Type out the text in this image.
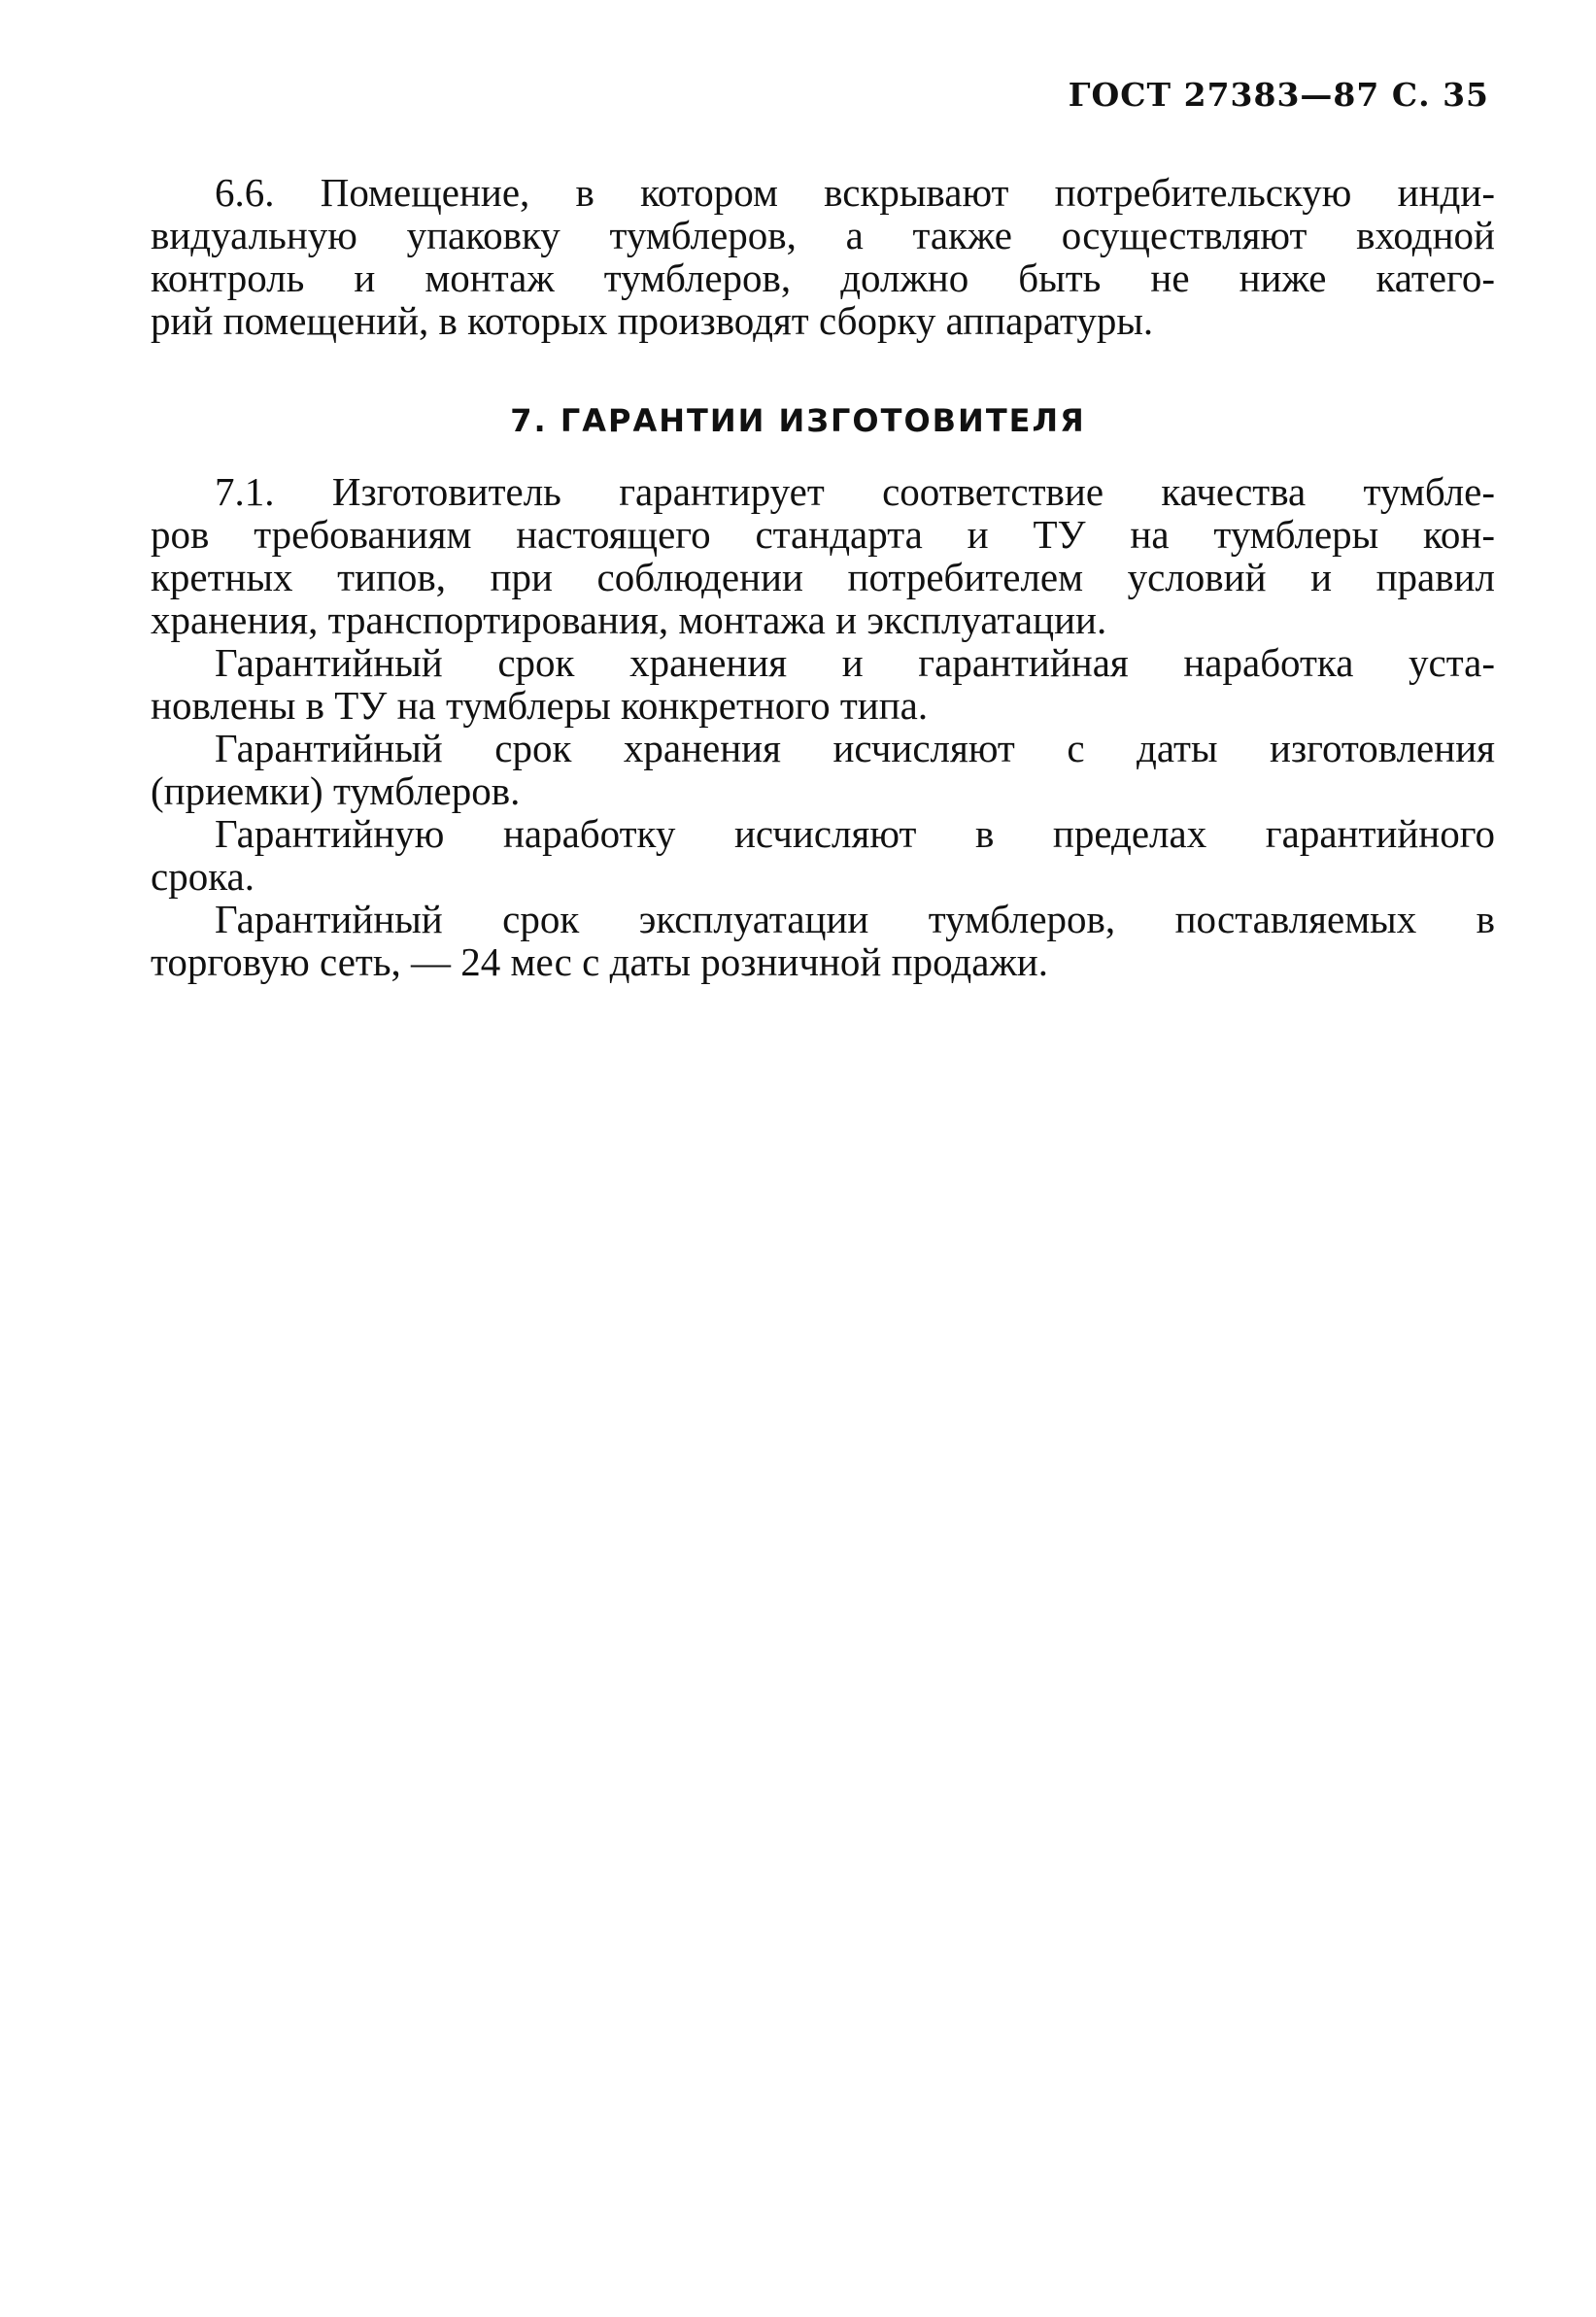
ГОСТ 27383—87 С. 35
6.6. Помещение, в котором вскрывают потребительскую инди-
видуальную упаковку тумблеров, а также осуществляют входной
контроль и монтаж тумблеров, должно быть не ниже катего-
рий помещений, в которых производят сборку аппаратуры.
7. ГАРАНТИИ ИЗГОТОВИТЕЛЯ
7.1. Изготовитель гарантирует соответствие качества тумбле-
ров требованиям настоящего стандарта и ТУ на тумблеры кон-
кретных типов, при соблюдении потребителем условий и правил
хранения, транспортирования, монтажа и эксплуатации.
Гарантийный срок хранения и гарантийная наработка уста-
новлены в ТУ на тумблеры конкретного типа.
Гарантийный срок хранения исчисляют с даты изготовления
(приемки) тумблеров.
Гарантийную наработку исчисляют в пределах гарантийного
срока.
Гарантийный срок эксплуатации тумблеров, поставляемых в
торговую сеть, — 24 мес с даты розничной продажи.
